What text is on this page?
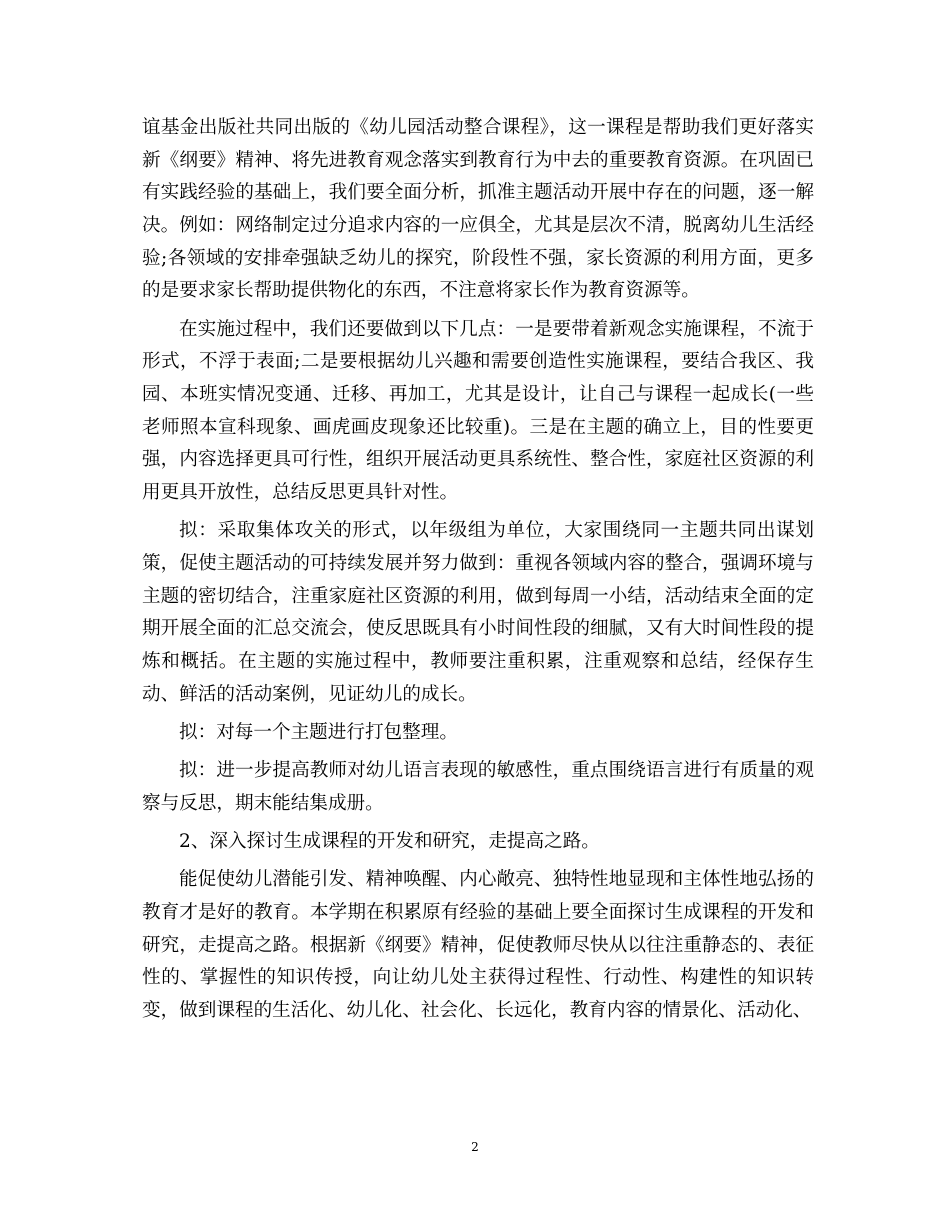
谊基金出版社共同出版的《幼儿园活动整合课程》，这一课程是帮助我们更好落实
新《纲要》精神、将先进教育观念落实到教育行为中去的重要教育资源。在巩固已
有实践经验的基础上，我们要全面分析，抓准主题活动开展中存在的问题，逐一解
决。例如：网络制定过分追求内容的一应俱全，尤其是层次不清，脱离幼儿生活经
验;各领域的安排牵强缺乏幼儿的探究，阶段性不强，家长资源的利用方面，更多
的是要求家长帮助提供物化的东西，不注意将家长作为教育资源等。
在实施过程中，我们还要做到以下几点：一是要带着新观念实施课程，不流于
形式，不浮于表面;二是要根据幼儿兴趣和需要创造性实施课程，要结合我区、我
园、本班实情况变通、迁移、再加工，尤其是设计，让自己与课程一起成长(一些
老师照本宣科现象、画虎画皮现象还比较重)。三是在主题的确立上，目的性要更
强，内容选择更具可行性，组织开展活动更具系统性、整合性，家庭社区资源的利
用更具开放性，总结反思更具针对性。
拟：采取集体攻关的形式，以年级组为单位，大家围绕同一主题共同出谋划
策，促使主题活动的可持续发展并努力做到：重视各领域内容的整合，强调环境与
主题的密切结合，注重家庭社区资源的利用，做到每周一小结，活动结束全面的定
期开展全面的汇总交流会，使反思既具有小时间性段的细腻，又有大时间性段的提
炼和概括。在主题的实施过程中，教师要注重积累，注重观察和总结，经保存生
动、鲜活的活动案例，见证幼儿的成长。
拟：对每一个主题进行打包整理。
拟：进一步提高教师对幼儿语言表现的敏感性，重点围绕语言进行有质量的观
察与反思，期末能结集成册。
2、深入探讨生成课程的开发和研究，走提高之路。
能促使幼儿潜能引发、精神唤醒、内心敞亮、独特性地显现和主体性地弘扬的
教育才是好的教育。本学期在积累原有经验的基础上要全面探讨生成课程的开发和
研究，走提高之路。根据新《纲要》精神，促使教师尽快从以往注重静态的、表征
性的、掌握性的知识传授，向让幼儿处主获得过程性、行动性、构建性的知识转
变，做到课程的生活化、幼儿化、社会化、长远化，教育内容的情景化、活动化、
2
